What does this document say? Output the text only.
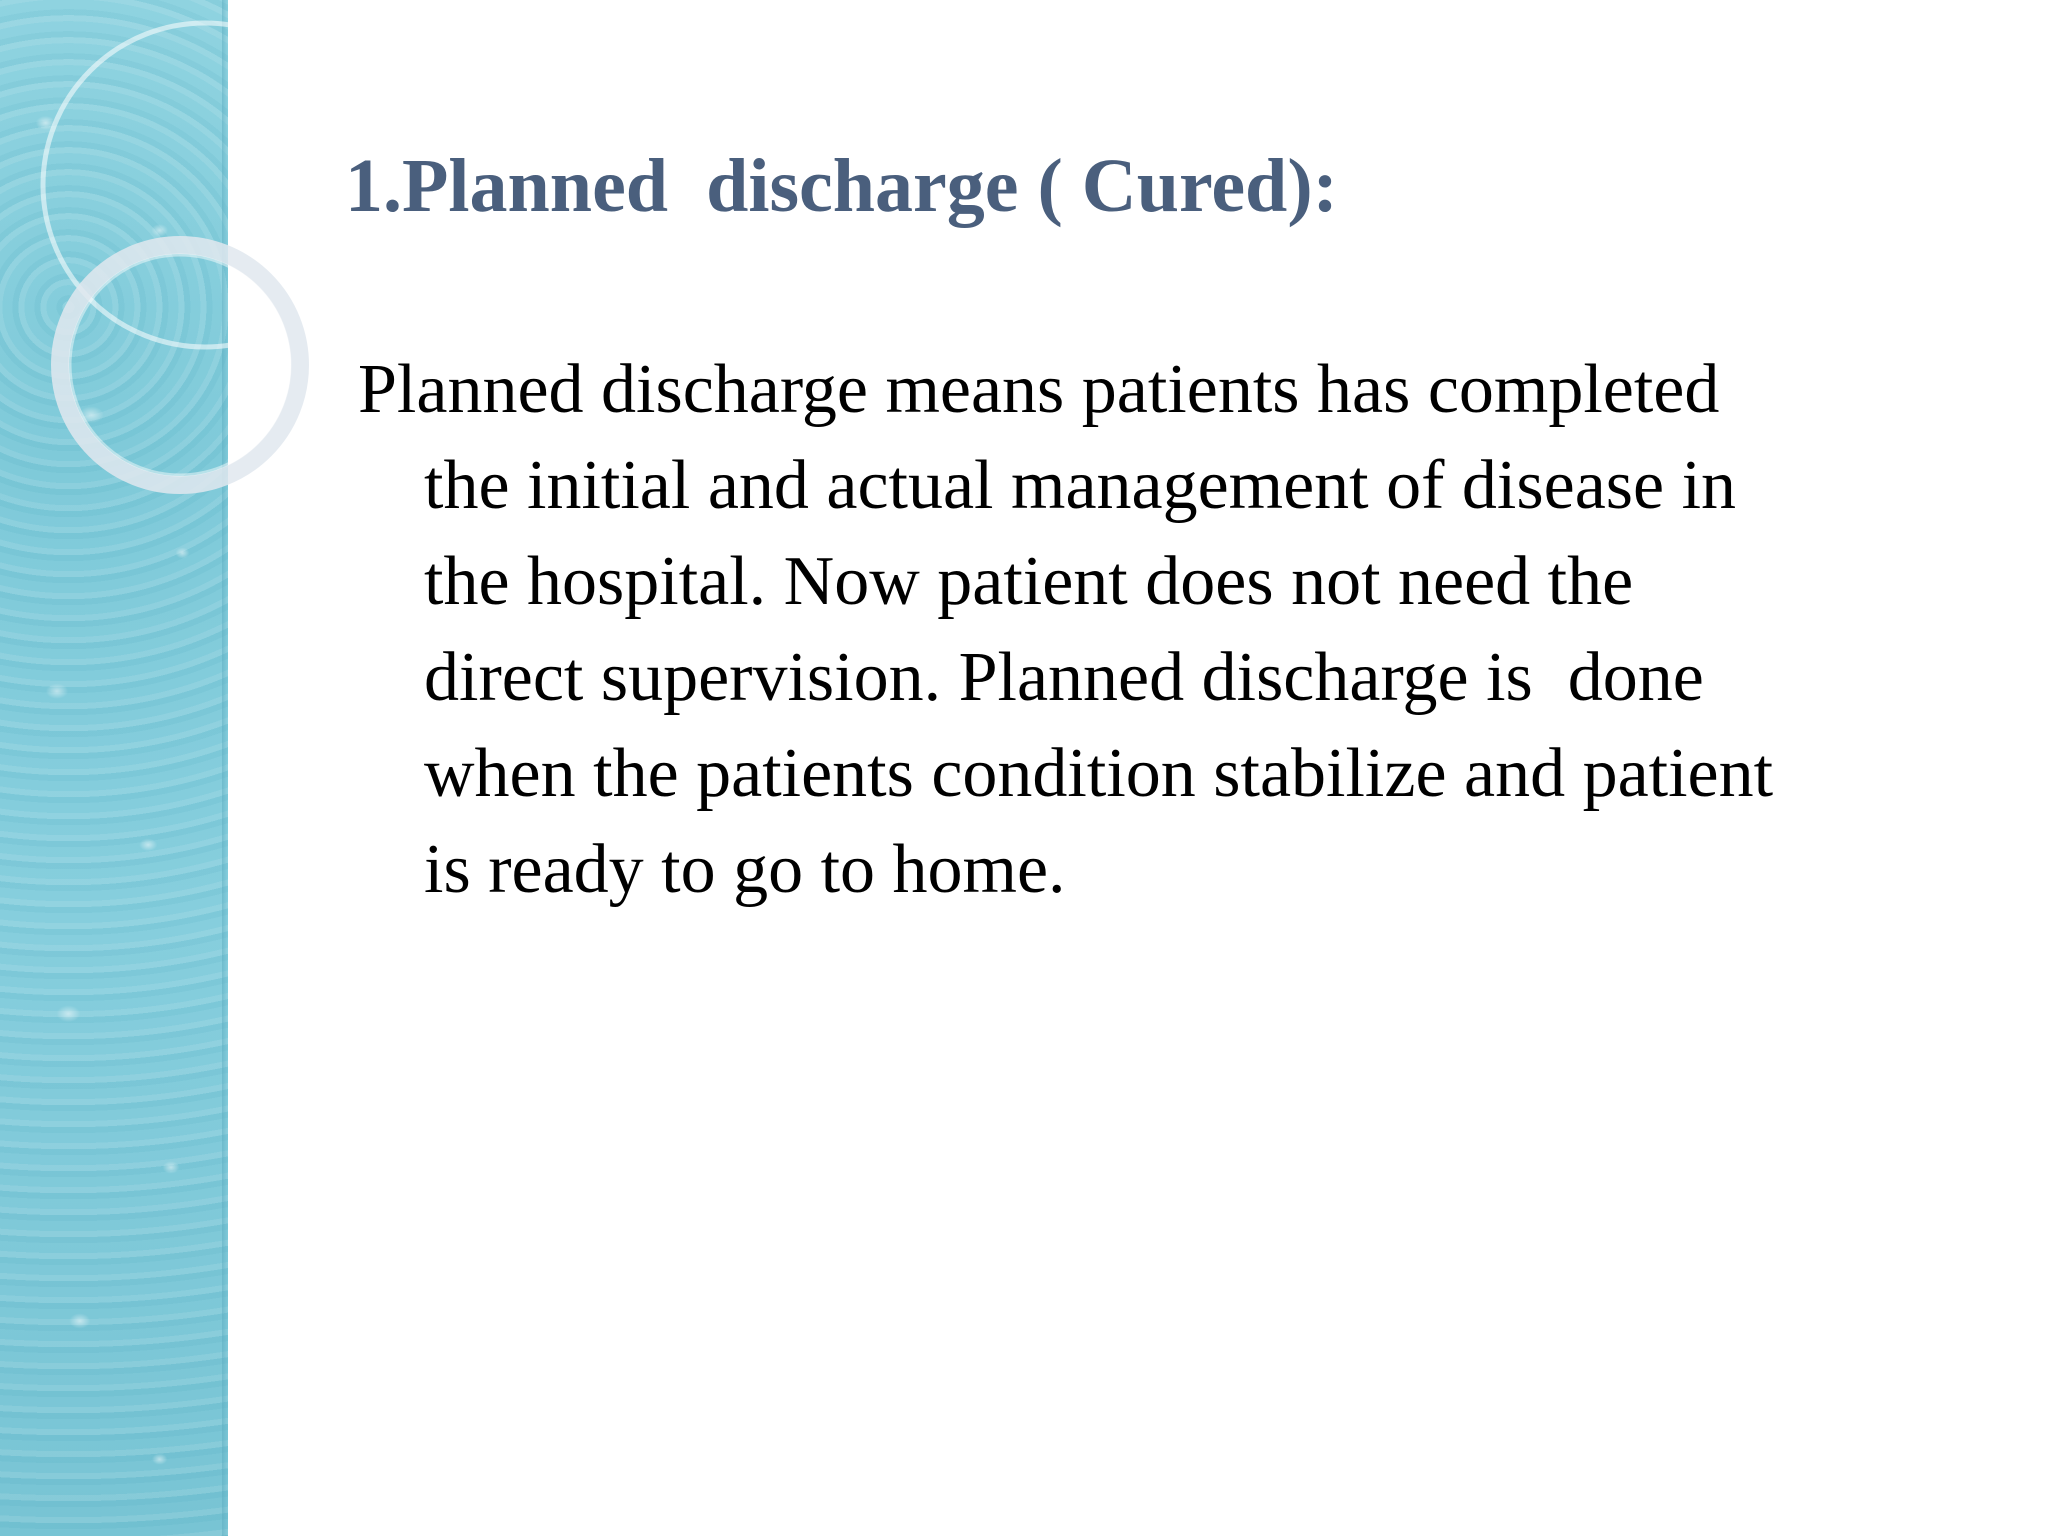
1.Planned  discharge ( Cured):
Planned discharge means patients has completed
the initial and actual management of disease in
the hospital. Now patient does not need the
direct supervision. Planned discharge is  done
when the patients condition stabilize and patient
is ready to go to home.
